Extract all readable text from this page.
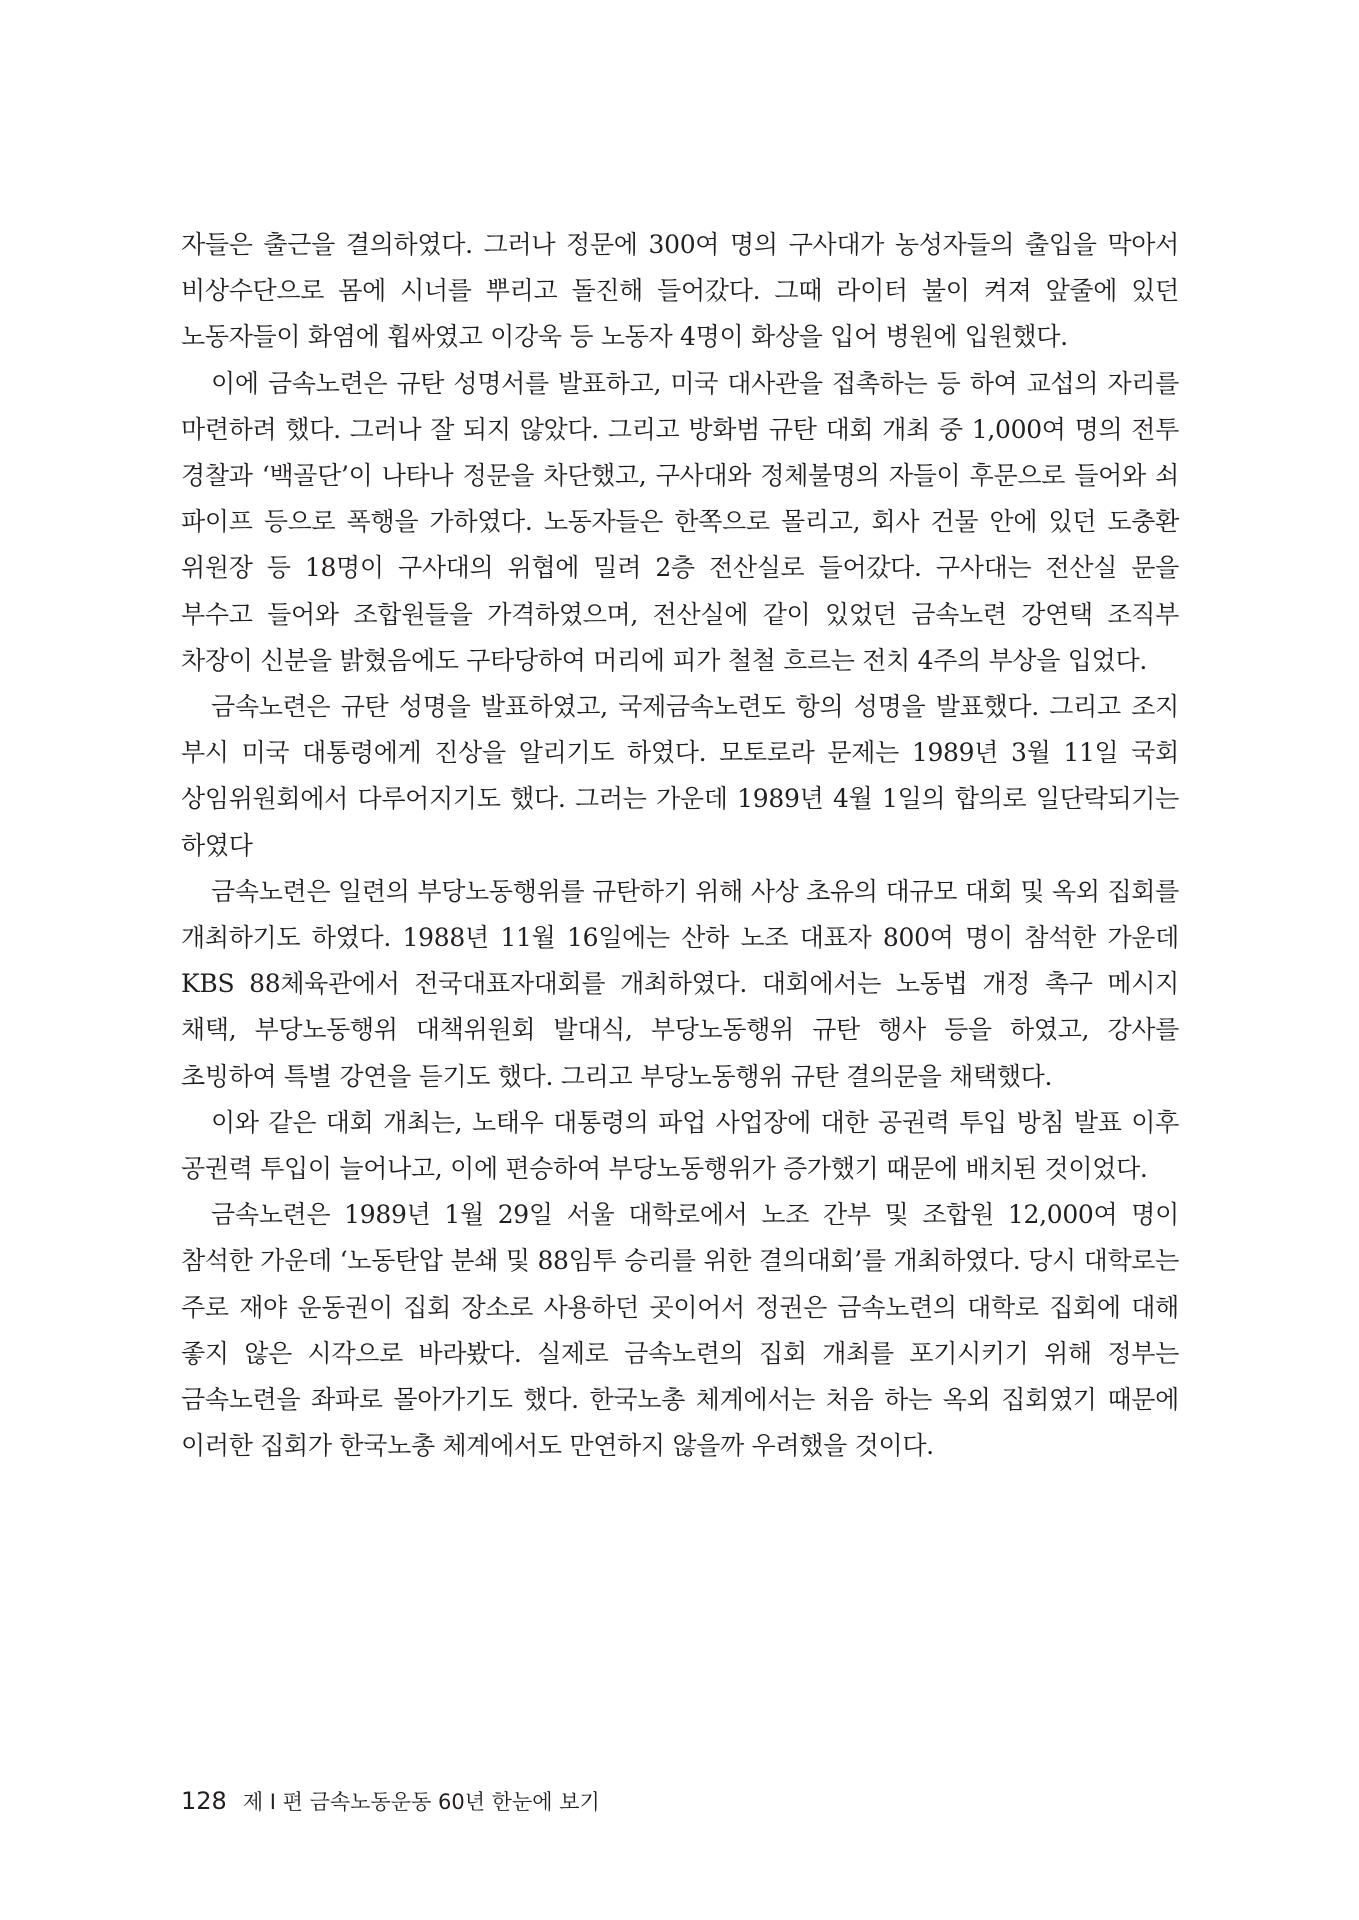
자들은 출근을 결의하였다. 그러나 정문에 300여 명의 구사대가 농성자들의 출입을 막아서 비상수단으로 몸에 시너를 뿌리고 돌진해 들어갔다. 그때 라이터 불이 켜져 앞줄에 있던 노동자들이 화염에 휩싸였고 이강욱 등 노동자 4명이 화상을 입어 병원에 입원했다.

이에 금속노련은 규탄 성명서를 발표하고, 미국 대사관을 접촉하는 등 하여 교섭의 자리를 마련하려 했다. 그러나 잘 되지 않았다. 그리고 방화범 규탄 대회 개최 중 1,000여 명의 전투 경찰과 ‘백골단’이 나타나 정문을 차단했고, 구사대와 정체불명의 자들이 후문으로 들어와 쇠 파이프 등으로 폭행을 가하였다. 노동자들은 한쪽으로 몰리고, 회사 건물 안에 있던 도충환 위원장 등 18명이 구사대의 위협에 밀려 2층 전산실로 들어갔다. 구사대는 전산실 문을 부수고 들어와 조합원들을 가격하였으며, 전산실에 같이 있었던 금속노련 강연택 조직부 차장이 신분을 밝혔음에도 구타당하여 머리에 피가 철철 흐르는 전치 4주의 부상을 입었다.

금속노련은 규탄 성명을 발표하였고, 국제금속노련도 항의 성명을 발표했다. 그리고 조지 부시 미국 대통령에게 진상을 알리기도 하였다. 모토로라 문제는 1989년 3월 11일 국회 상임위원회에서 다루어지기도 했다. 그러는 가운데 1989년 4월 1일의 합의로 일단락되기는 하였다

금속노련은 일련의 부당노동행위를 규탄하기 위해 사상 초유의 대규모 대회 및 옥외 집회를 개최하기도 하였다. 1988년 11월 16일에는 산하 노조 대표자 800여 명이 참석한 가운데 KBS 88체육관에서 전국대표자대회를 개최하였다. 대회에서는 노동법 개정 촉구 메시지 채택, 부당노동행위 대책위원회 발대식, 부당노동행위 규탄 행사 등을 하였고, 강사를 초빙하여 특별 강연을 듣기도 했다. 그리고 부당노동행위 규탄 결의문을 채택했다.

이와 같은 대회 개최는, 노태우 대통령의 파업 사업장에 대한 공권력 투입 방침 발표 이후 공권력 투입이 늘어나고, 이에 편승하여 부당노동행위가 증가했기 때문에 배치된 것이었다.

금속노련은 1989년 1월 29일 서울 대학로에서 노조 간부 및 조합원 12,000여 명이 참석한 가운데 ‘노동탄압 분쇄 및 88임투 승리를 위한 결의대회’를 개최하였다. 당시 대학로는 주로 재야 운동권이 집회 장소로 사용하던 곳이어서 정권은 금속노련의 대학로 집회에 대해 좋지 않은 시각으로 바라봤다. 실제로 금속노련의 집회 개최를 포기시키기 위해 정부는 금속노련을 좌파로 몰아가기도 했다. 한국노총 체계에서는 처음 하는 옥외 집회였기 때문에 이러한 집회가 한국노총 체계에서도 만연하지 않을까 우려했을 것이다.

128 제 I 편 금속노동운동 60년 한눈에 보기
